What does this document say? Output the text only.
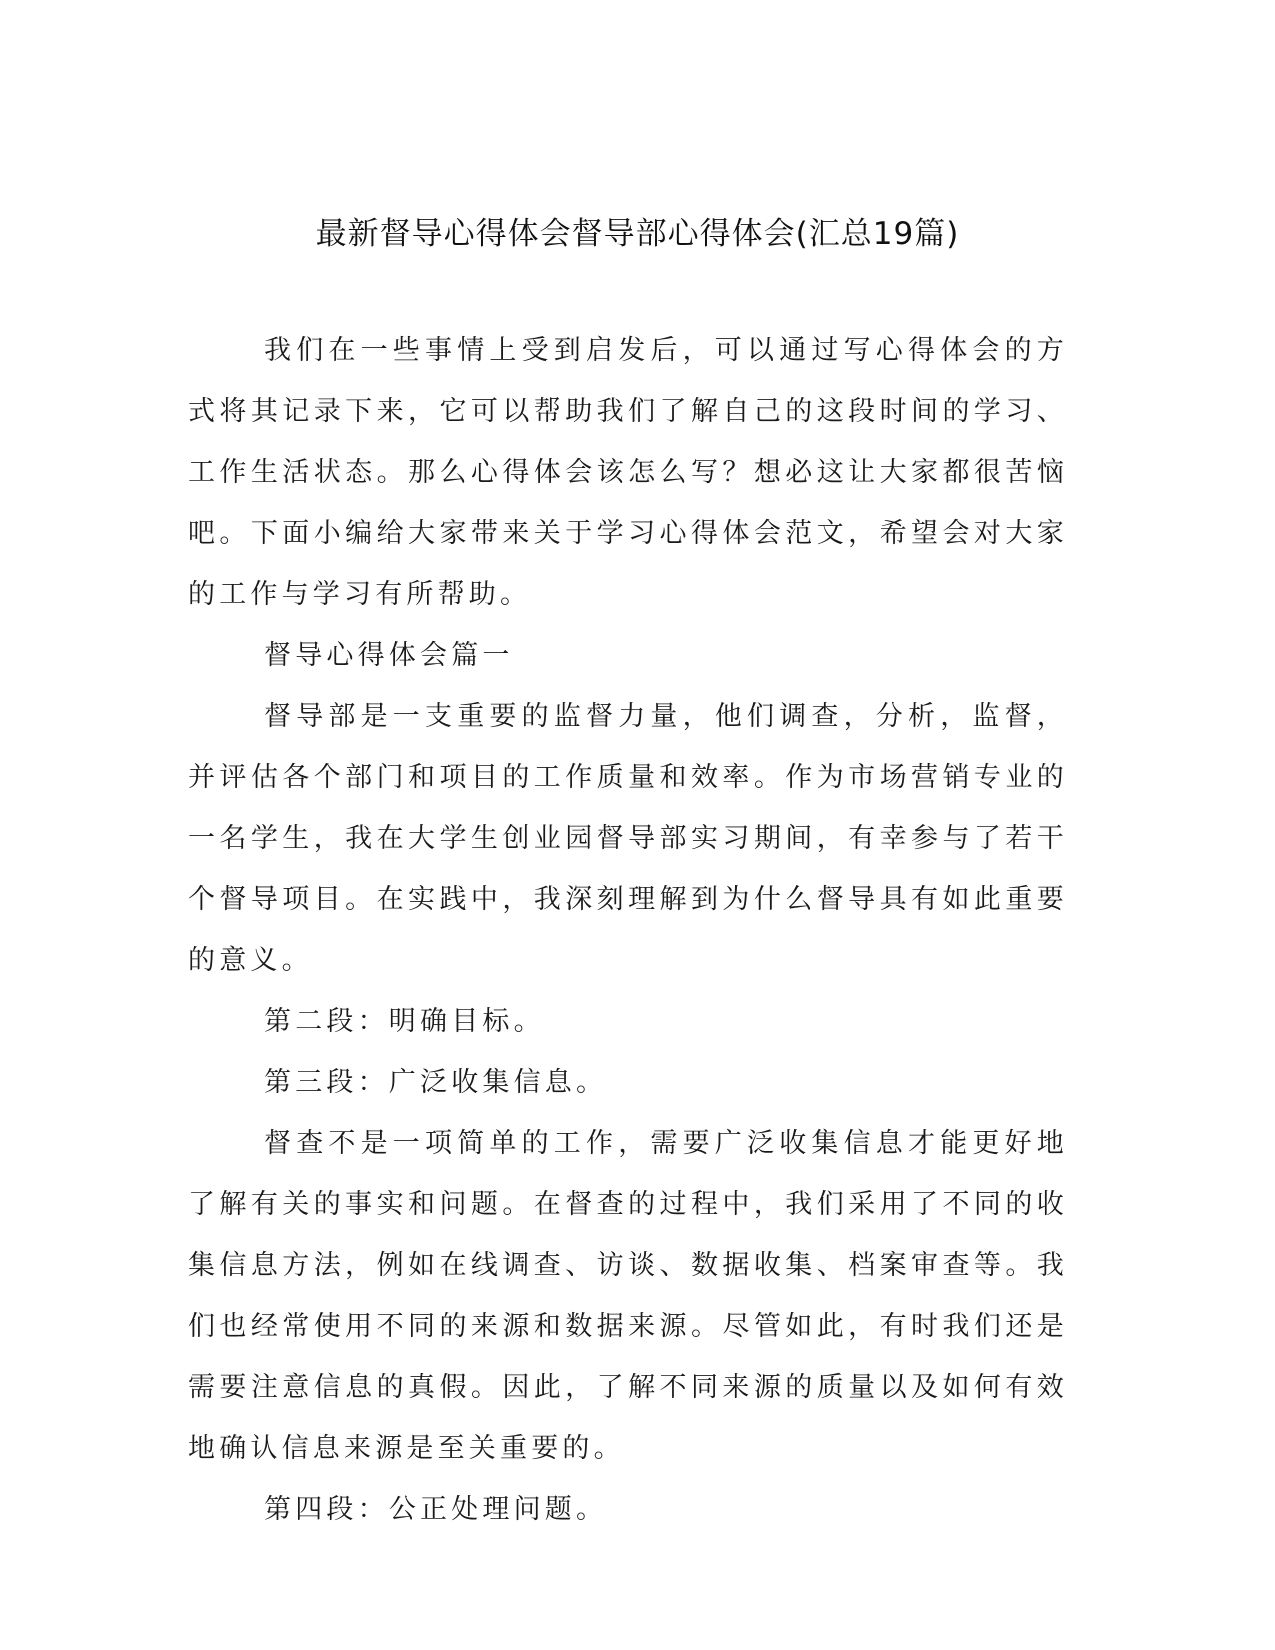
最新督导心得体会督导部心得体会(汇总19篇)

我们在一些事情上受到启发后，可以通过写心得体会的方式将其记录下来，它可以帮助我们了解自己的这段时间的学习、工作生活状态。那么心得体会该怎么写？想必这让大家都很苦恼吧。下面小编给大家带来关于学习心得体会范文，希望会对大家的工作与学习有所帮助。

督导心得体会篇一

督导部是一支重要的监督力量，他们调查，分析，监督，并评估各个部门和项目的工作质量和效率。作为市场营销专业的一名学生，我在大学生创业园督导部实习期间，有幸参与了若干个督导项目。在实践中，我深刻理解到为什么督导具有如此重要的意义。

第二段：明确目标。

第三段：广泛收集信息。

督查不是一项简单的工作，需要广泛收集信息才能更好地了解有关的事实和问题。在督查的过程中，我们采用了不同的收集信息方法，例如在线调查、访谈、数据收集、档案审查等。我们也经常使用不同的来源和数据来源。尽管如此，有时我们还是需要注意信息的真假。因此，了解不同来源的质量以及如何有效地确认信息来源是至关重要的。

第四段：公正处理问题。
